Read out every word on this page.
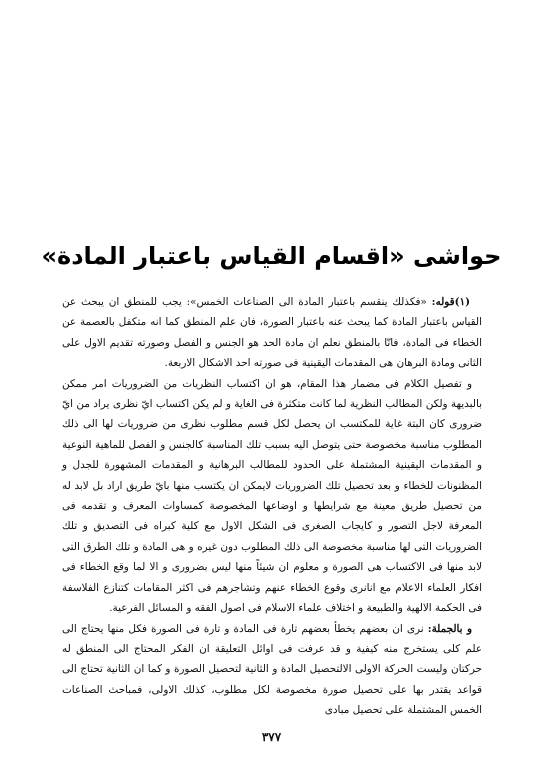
حواشى «اقسام القياس باعتبار المادة»

(١)قوله: «فكذلك ينقسم باعتبار المادة الى الصناعات الخمس»: يجب للمنطق ان يبحث عن القياس باعتبار المادة كما يبحث عنه باعتبار الصورة، فان علم المنطق كما انه متكفل بالعصمة عن الخطاء فى المادة، فانّا بالمنطق نعلم ان مادة الحد هو الجنس و الفصل وصورته تقديم الاول على الثانى ومادة البرهان هى المقدمات اليقينية فى صورته احد الاشكال الاربعة.

و تفصيل الكلام فى مضمار هذا المقام، هو ان اكتساب النظريات من الضروريات امر ممكن بالبديهة ولكن المطالب النظرية لما كانت متكثرة فى الغاية و لم يكن اكتساب ايّ نظرى يراد من ايّ ضرورى كان البتة غاية للمكتسب ان يحصل لكل قسم مطلوب نظرى من ضروريات لها الى ذلك المطلوب مناسبة مخصوصة حتى يتوصل اليه بسبب تلك المناسبة كالجنس و الفصل للماهية النوعية و المقدمات اليقينية المشتملة على الحدود للمطالب البرهانية و المقدمات المشهورة للجدل و المظنونات للخطاء و بعد تحصيل تلك الضروريات لايمكن ان يكتسب منها بايّ طريق اراد بل لابد له من تحصيل طريق معينة مع شرايطها و اوضاعها المخصوصة كمساوات المعرف و تقدمه فى المعرفة لاجل التصور و كايجاب الصغرى فى الشكل الاول مع كلية كبراه فى التصديق و تلك الضروريات التى لها مناسبة مخصوصة الى ذلك المطلوب دون غيره و هى المادة و تلك الطرق التى لابد منها فى الاكتساب هى الصورة و معلوم ان شيئاً منها ليس بضرورى و الا لما وقع الخطاء فى افكار العلماء الاعلام مع انانرى وقوع الخطاء عنهم وتشاجرهم فى اكثر المقامات كتنازع الفلاسفة فى الحكمة الالهية والطبيعة و اختلاف علماء الاسلام فى اصول الفقه و المسائل الفرعية.

و بالجملة: نرى ان بعضهم يخطأ بعضهم تارة فى المادة و تارة فى الصورة فكل منها يحتاج الى علم كلى يستخرج منه كيفية و قد عرفت فى اوائل التعليقة ان الفكر المحتاج الى المنطق له حركتان وليست الحركة الاولى الالتحصيل المادة و الثانية لتحصيل الصورة و كما ان الثانية تحتاج الى قواعد يقتدر بها على تحصيل صورة مخصوصة لكل مطلوب، كذلك الاولى، فمباحث الصناعات الخمس المشتملة على تحصيل مبادى

٣٧٧
